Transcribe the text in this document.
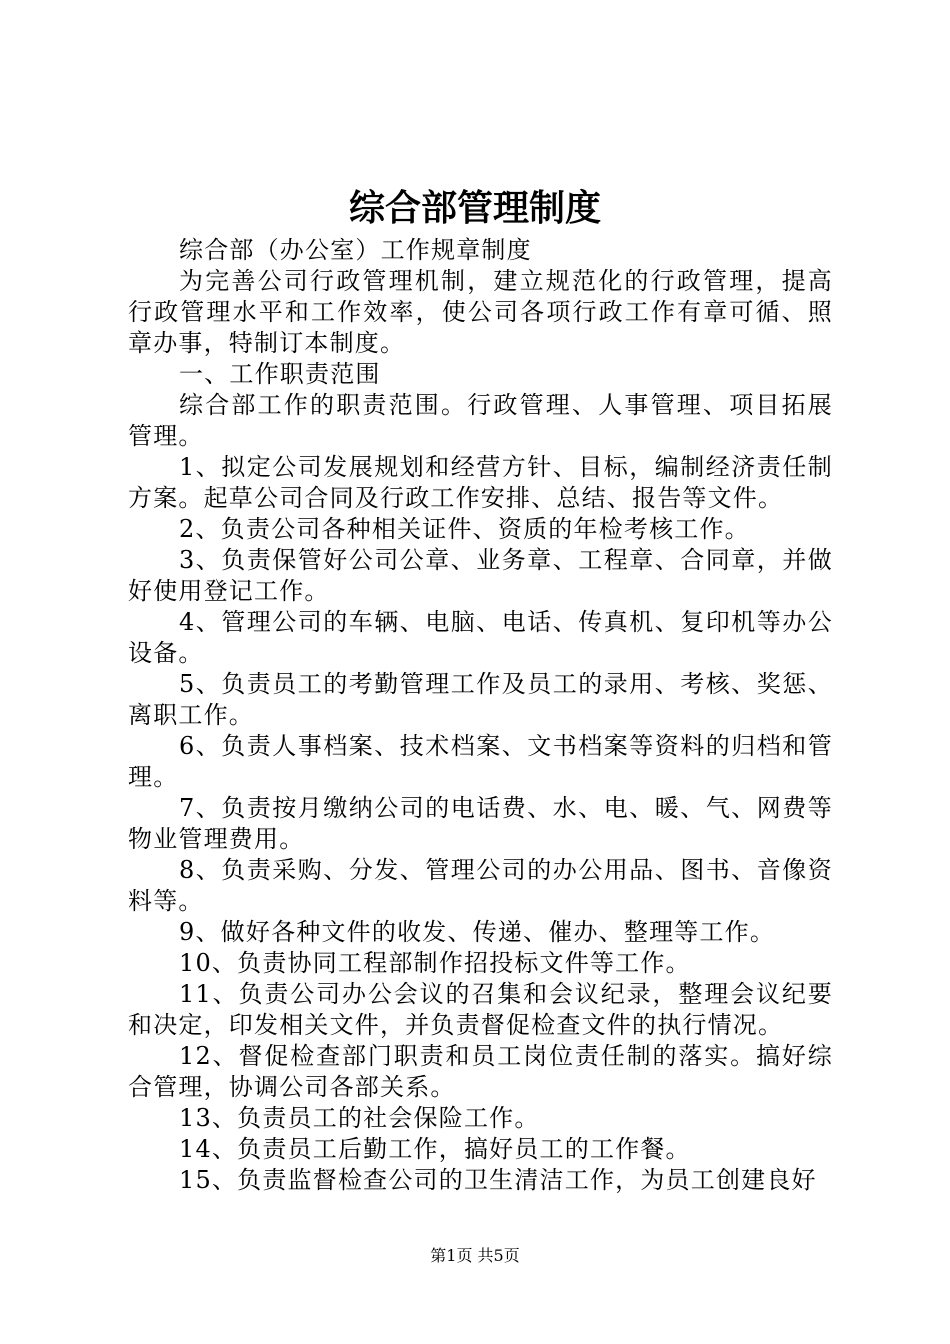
综合部管理制度

综合部（办公室）工作规章制度

为完善公司行政管理机制，建立规范化的行政管理，提高行政管理水平和工作效率，使公司各项行政工作有章可循、照章办事，特制订本制度。

一、工作职责范围

综合部工作的职责范围。行政管理、人事管理、项目拓展管理。

1、拟定公司发展规划和经营方针、目标，编制经济责任制方案。起草公司合同及行政工作安排、总结、报告等文件。

2、负责公司各种相关证件、资质的年检考核工作。

3、负责保管好公司公章、业务章、工程章、合同章，并做好使用登记工作。

4、管理公司的车辆、电脑、电话、传真机、复印机等办公设备。

5、负责员工的考勤管理工作及员工的录用、考核、奖惩、离职工作。

6、负责人事档案、技术档案、文书档案等资料的归档和管理。

7、负责按月缴纳公司的电话费、水、电、暖、气、网费等物业管理费用。

8、负责采购、分发、管理公司的办公用品、图书、音像资料等。

9、做好各种文件的收发、传递、催办、整理等工作。

10、负责协同工程部制作招投标文件等工作。

11、负责公司办公会议的召集和会议纪录，整理会议纪要和决定，印发相关文件，并负责督促检查文件的执行情况。

12、督促检查部门职责和员工岗位责任制的落实。搞好综合管理，协调公司各部关系。

13、负责员工的社会保险工作。

14、负责员工后勤工作，搞好员工的工作餐。

15、负责监督检查公司的卫生清洁工作，为员工创建良好

第1页 共5页
